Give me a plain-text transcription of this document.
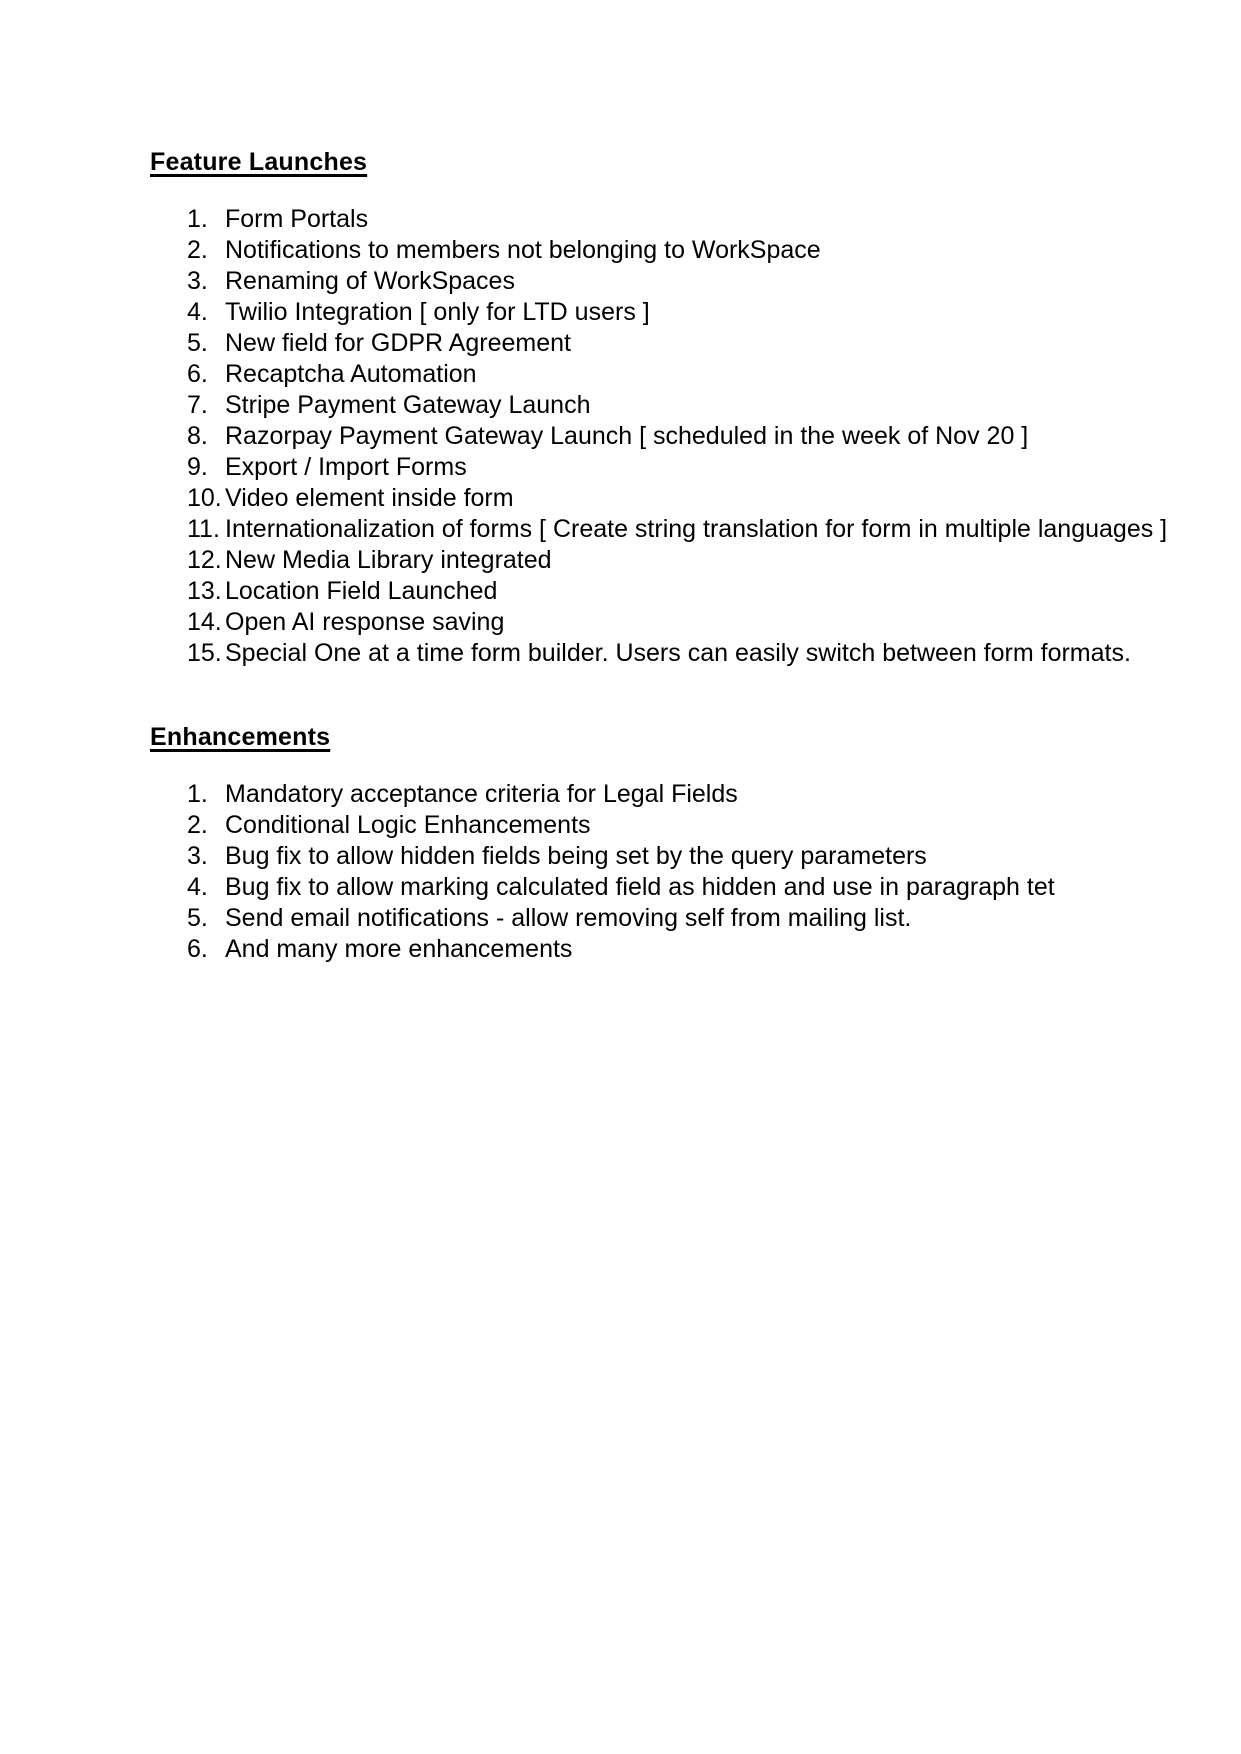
Feature Launches
1. Form Portals
2. Notifications to members not belonging to WorkSpace
3. Renaming of WorkSpaces
4. Twilio Integration [ only for LTD users ]
5. New field for GDPR Agreement
6. Recaptcha Automation
7. Stripe Payment Gateway Launch
8. Razorpay Payment Gateway Launch [ scheduled in the week of Nov 20 ]
9. Export / Import Forms
10. Video element inside form
11. Internationalization of forms [ Create string translation for form in multiple languages ]
12. New Media Library integrated
13. Location Field Launched
14. Open AI response saving
15. Special One at a time form builder. Users can easily switch between form formats.
Enhancements
1. Mandatory acceptance criteria for Legal Fields
2. Conditional Logic Enhancements
3. Bug fix to allow hidden fields being set by the query parameters
4. Bug fix to allow marking calculated field as hidden and use in paragraph tet
5. Send email notifications - allow removing self from mailing list.
6. And many more enhancements
